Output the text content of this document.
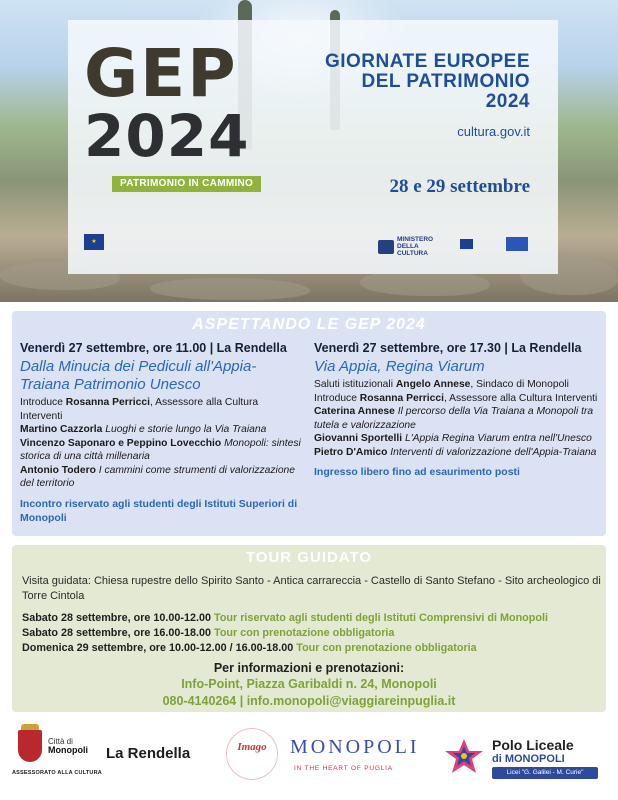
GEP
2024
PATRIMONIO IN CAMMINO
GIORNATE EUROPEE
DEL PATRIMONIO
2024
cultura.gov.it
28 e 29 settembre
★	MINISTERO
DELLA
CULTURA
ASPETTANDO LE GEP 2024
Venerdì 27 settembre, ore 11.00 | La Rendella
Dalla Minucia dei Pediculi all'Appia-Traiana Patrimonio Unesco

Introduce Rosanna Perricci, Assessore alla Cultura Interventi

Martino Cazzorla Luoghi e storie lungo la Via Traiana

Vincenzo Saponaro e Peppino Lovecchio Monopoli: sintesi storica di una città millenaria

Antonio Todero I cammini come strumenti di valorizzazione del territorio

Incontro riservato agli studenti degli Istituti Superiori di Monopoli
Venerdì 27 settembre, ore 17.30 | La Rendella
Via Appia, Regina Viarum

Saluti istituzionali Angelo Annese, Sindaco di Monopoli

Introduce Rosanna Perricci, Assessore alla Cultura Interventi

Caterina Annese Il percorso della Via Traiana a Monopoli tra tutela e valorizzazione

Giovanni Sportelli L'Appia Regina Viarum entra nell'Unesco

Pietro D'Amico Interventi di valorizzazione dell'Appia-Traiana

Ingresso libero fino ad esaurimento posti
TOUR GUIDATO
Visita guidata: Chiesa rupestre dello Spirito Santo - Antica carrareccia - Castello di Santo Stefano - Sito archeologico di Torre Cintola
Sabato 28 settembre, ore 10.00-12.00 Tour riservato agli studenti degli Istituti Comprensivi di Monopoli
Sabato 28 settembre, ore 16.00-18.00 Tour con prenotazione obbligatoria
Domenica 29 settembre, ore 10.00-12.00 / 16.00-18.00 Tour con prenotazione obbligatoria
Per informazioni e prenotazioni:
Info-Point, Piazza Garibaldi n. 24, Monopoli
080-4140264 | info.monopoli@viaggiareinpuglia.it
Città di
Monopoli
ASSESSORATO ALLA CULTURA
La Rendella	Imago	MONOPOLI
IN THE HEART OF PUGLIA
Polo Liceale
di MONOPOLI
Licei "G. Galilei - M. Curie"
